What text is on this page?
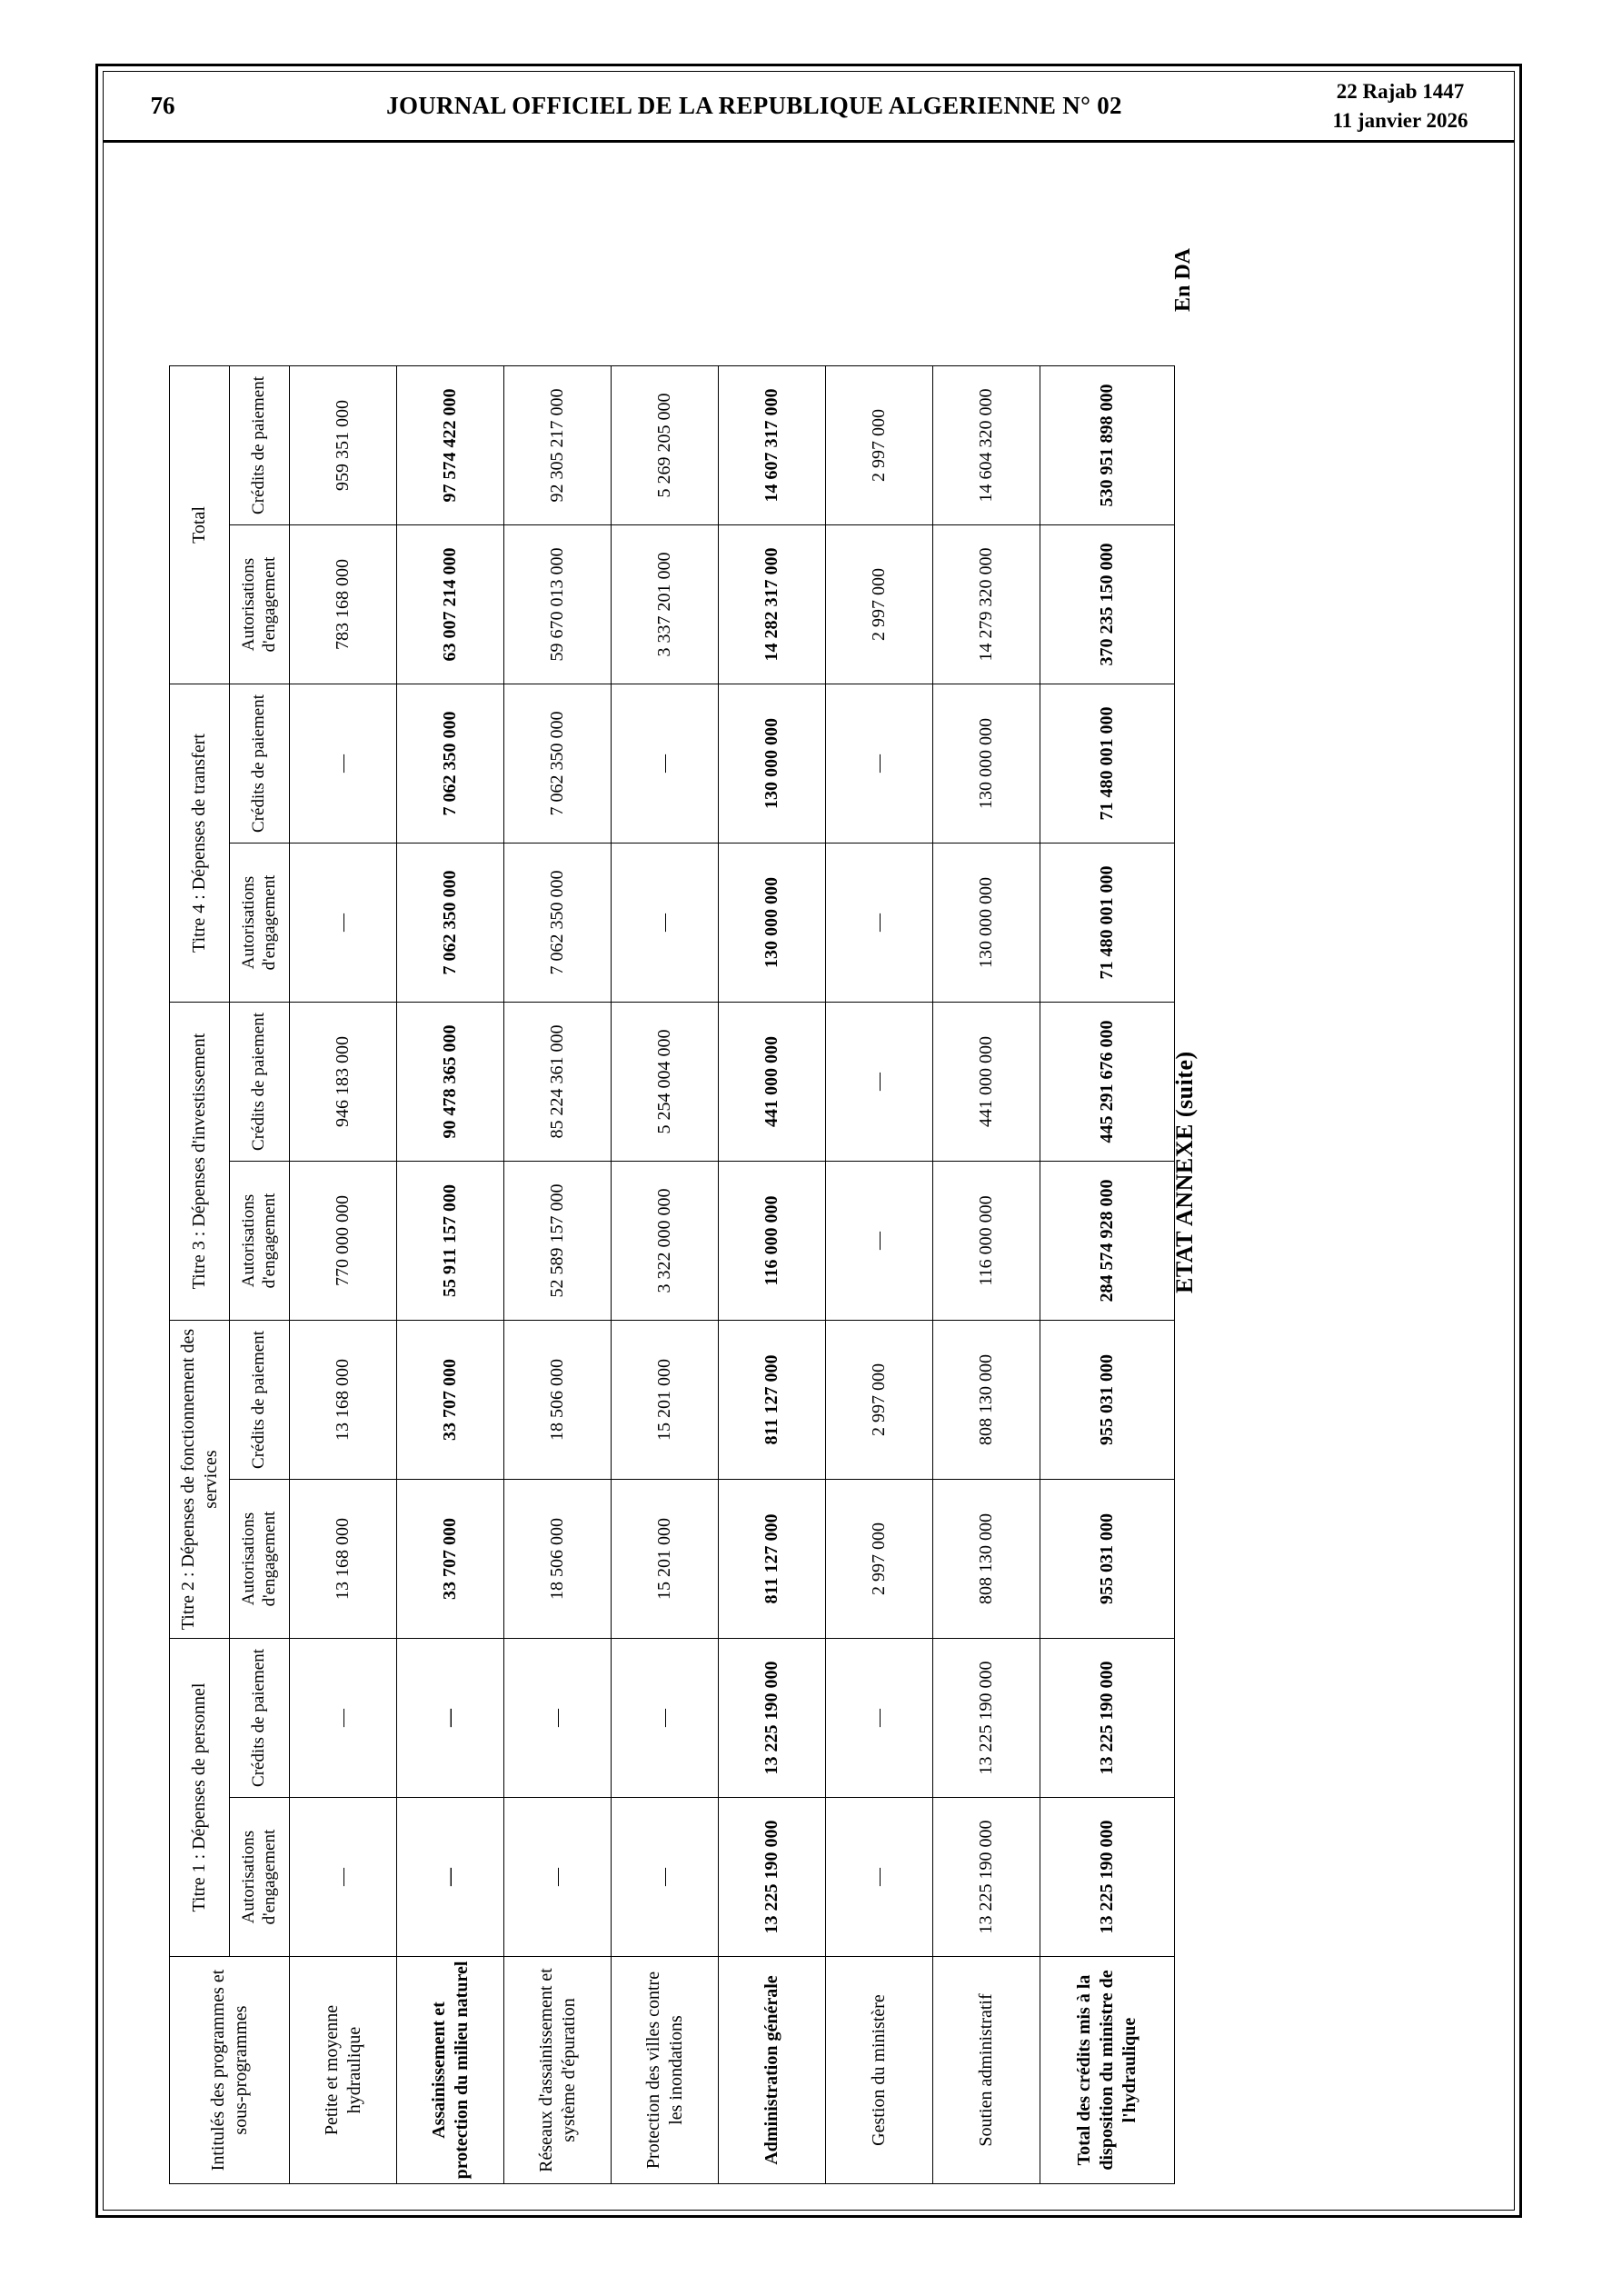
76	JOURNAL OFFICIEL DE LA REPUBLIQUE ALGERIENNE N° 02
22 Rajab 1447
11 janvier 2026
ETAT ANNEXE (suite)
En DA
Intitulés des programmes et sous-programmes	Titre 1 : Dépenses de personnel		Titre 2 : Dépenses de fonctionnement des services		Titre 3 : Dépenses d'investissement		Titre 4 : Dépenses de transfert		Total	
	Autorisations d'engagement	Crédits de paiement	Autorisations d'engagement	Crédits de paiement	Autorisations d'engagement	Crédits de paiement	Autorisations d'engagement	Crédits de paiement	Autorisations d'engagement	Crédits de paiement
Petite et moyenne hydraulique	—	—	13 168 000	13 168 000	770 000 000	946 183 000	—	—	783 168 000	959 351 000
Assainissement et protection du milieu naturel	—	—	33 707 000	33 707 000	55 911 157 000	90 478 365 000	7 062 350 000	7 062 350 000	63 007 214 000	97 574 422 000
Réseaux d'assainissement et système d'épuration	—	—	18 506 000	18 506 000	52 589 157 000	85 224 361 000	7 062 350 000	7 062 350 000	59 670 013 000	92 305 217 000
Protection des villes contre les inondations	—	—	15 201 000	15 201 000	3 322 000 000	5 254 004 000	—	—	3 337 201 000	5 269 205 000
Administration générale	13 225 190 000	13 225 190 000	811 127 000	811 127 000	116 000 000	441 000 000	130 000 000	130 000 000	14 282 317 000	14 607 317 000
Gestion du ministère	—	—	2 997 000	2 997 000	—	—	—	—	2 997 000	2 997 000
Soutien administratif	13 225 190 000	13 225 190 000	808 130 000	808 130 000	116 000 000	441 000 000	130 000 000	130 000 000	14 279 320 000	14 604 320 000
Total des crédits mis à la disposition du ministre de l'hydraulique	13 225 190 000	13 225 190 000	955 031 000	955 031 000	284 574 928 000	445 291 676 000	71 480 001 000	71 480 001 000	370 235 150 000	530 951 898 000
